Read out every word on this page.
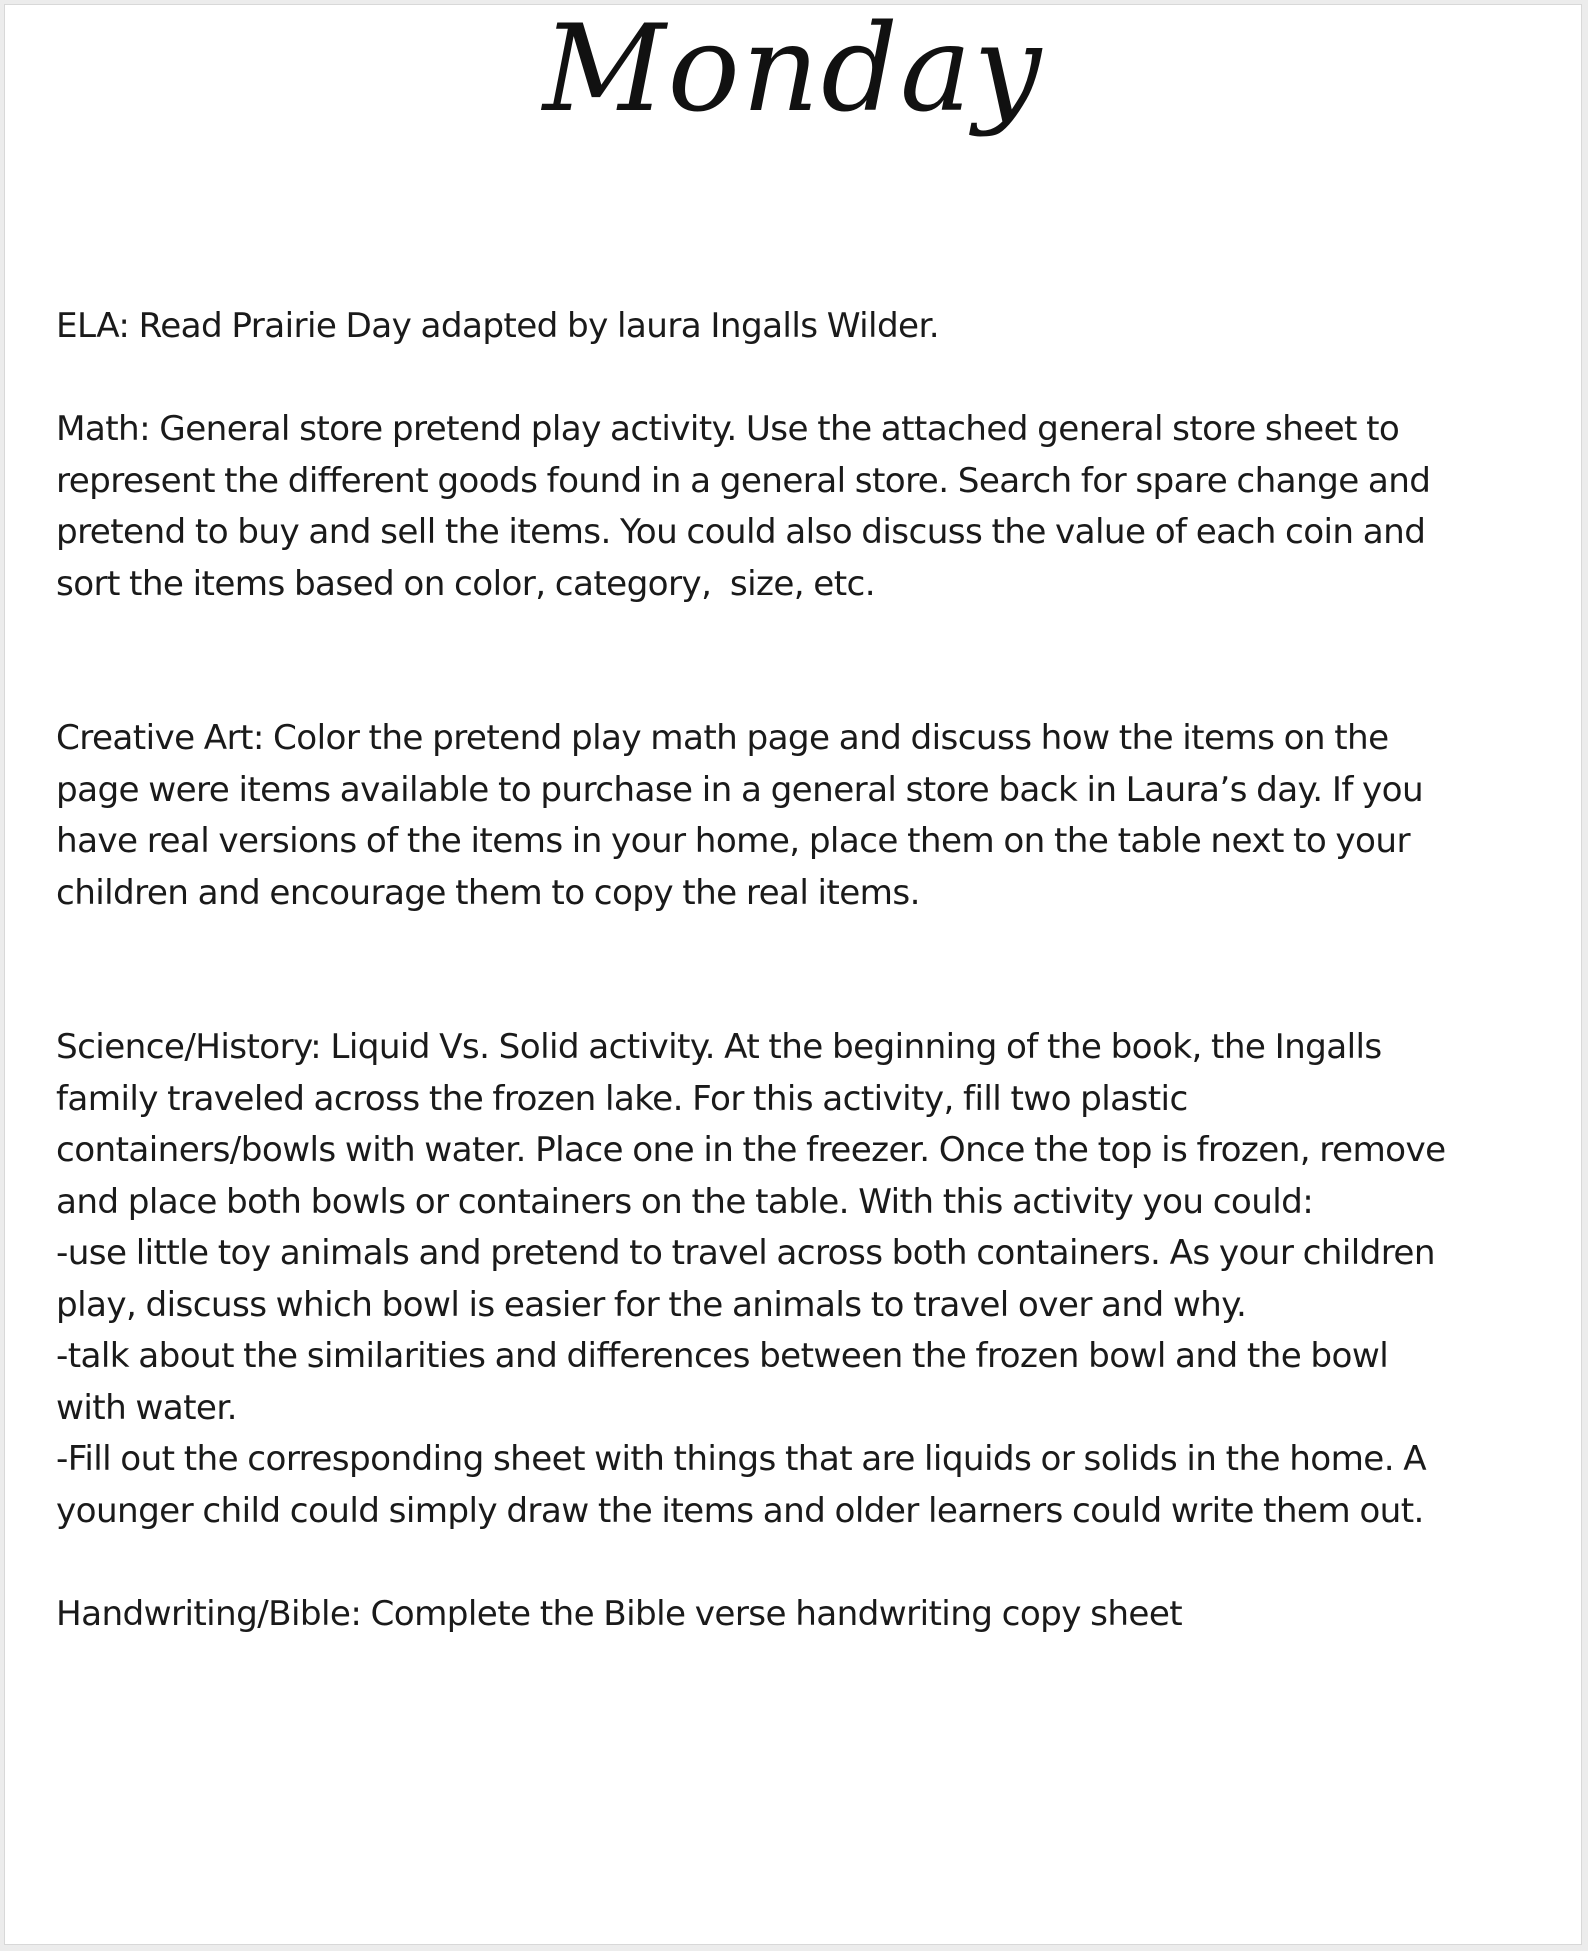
Monday
ELA: Read Prairie Day adapted by laura Ingalls Wilder.
Math: General store pretend play activity. Use the attached general store sheet to
represent the different goods found in a general store. Search for spare change and
pretend to buy and sell the items. You could also discuss the value of each coin and
sort the items based on color, category,  size, etc.
Creative Art: Color the pretend play math page and discuss how the items on the
page were items available to purchase in a general store back in Laura’s day. If you
have real versions of the items in your home, place them on the table next to your
children and encourage them to copy the real items.
Science/History: Liquid Vs. Solid activity. At the beginning of the book, the Ingalls
family traveled across the frozen lake. For this activity, fill two plastic
containers/bowls with water. Place one in the freezer. Once the top is frozen, remove
and place both bowls or containers on the table. With this activity you could:
-use little toy animals and pretend to travel across both containers. As your children
play, discuss which bowl is easier for the animals to travel over and why.
-talk about the similarities and differences between the frozen bowl and the bowl
with water.
-Fill out the corresponding sheet with things that are liquids or solids in the home. A
younger child could simply draw the items and older learners could write them out.
Handwriting/Bible: Complete the Bible verse handwriting copy sheet
